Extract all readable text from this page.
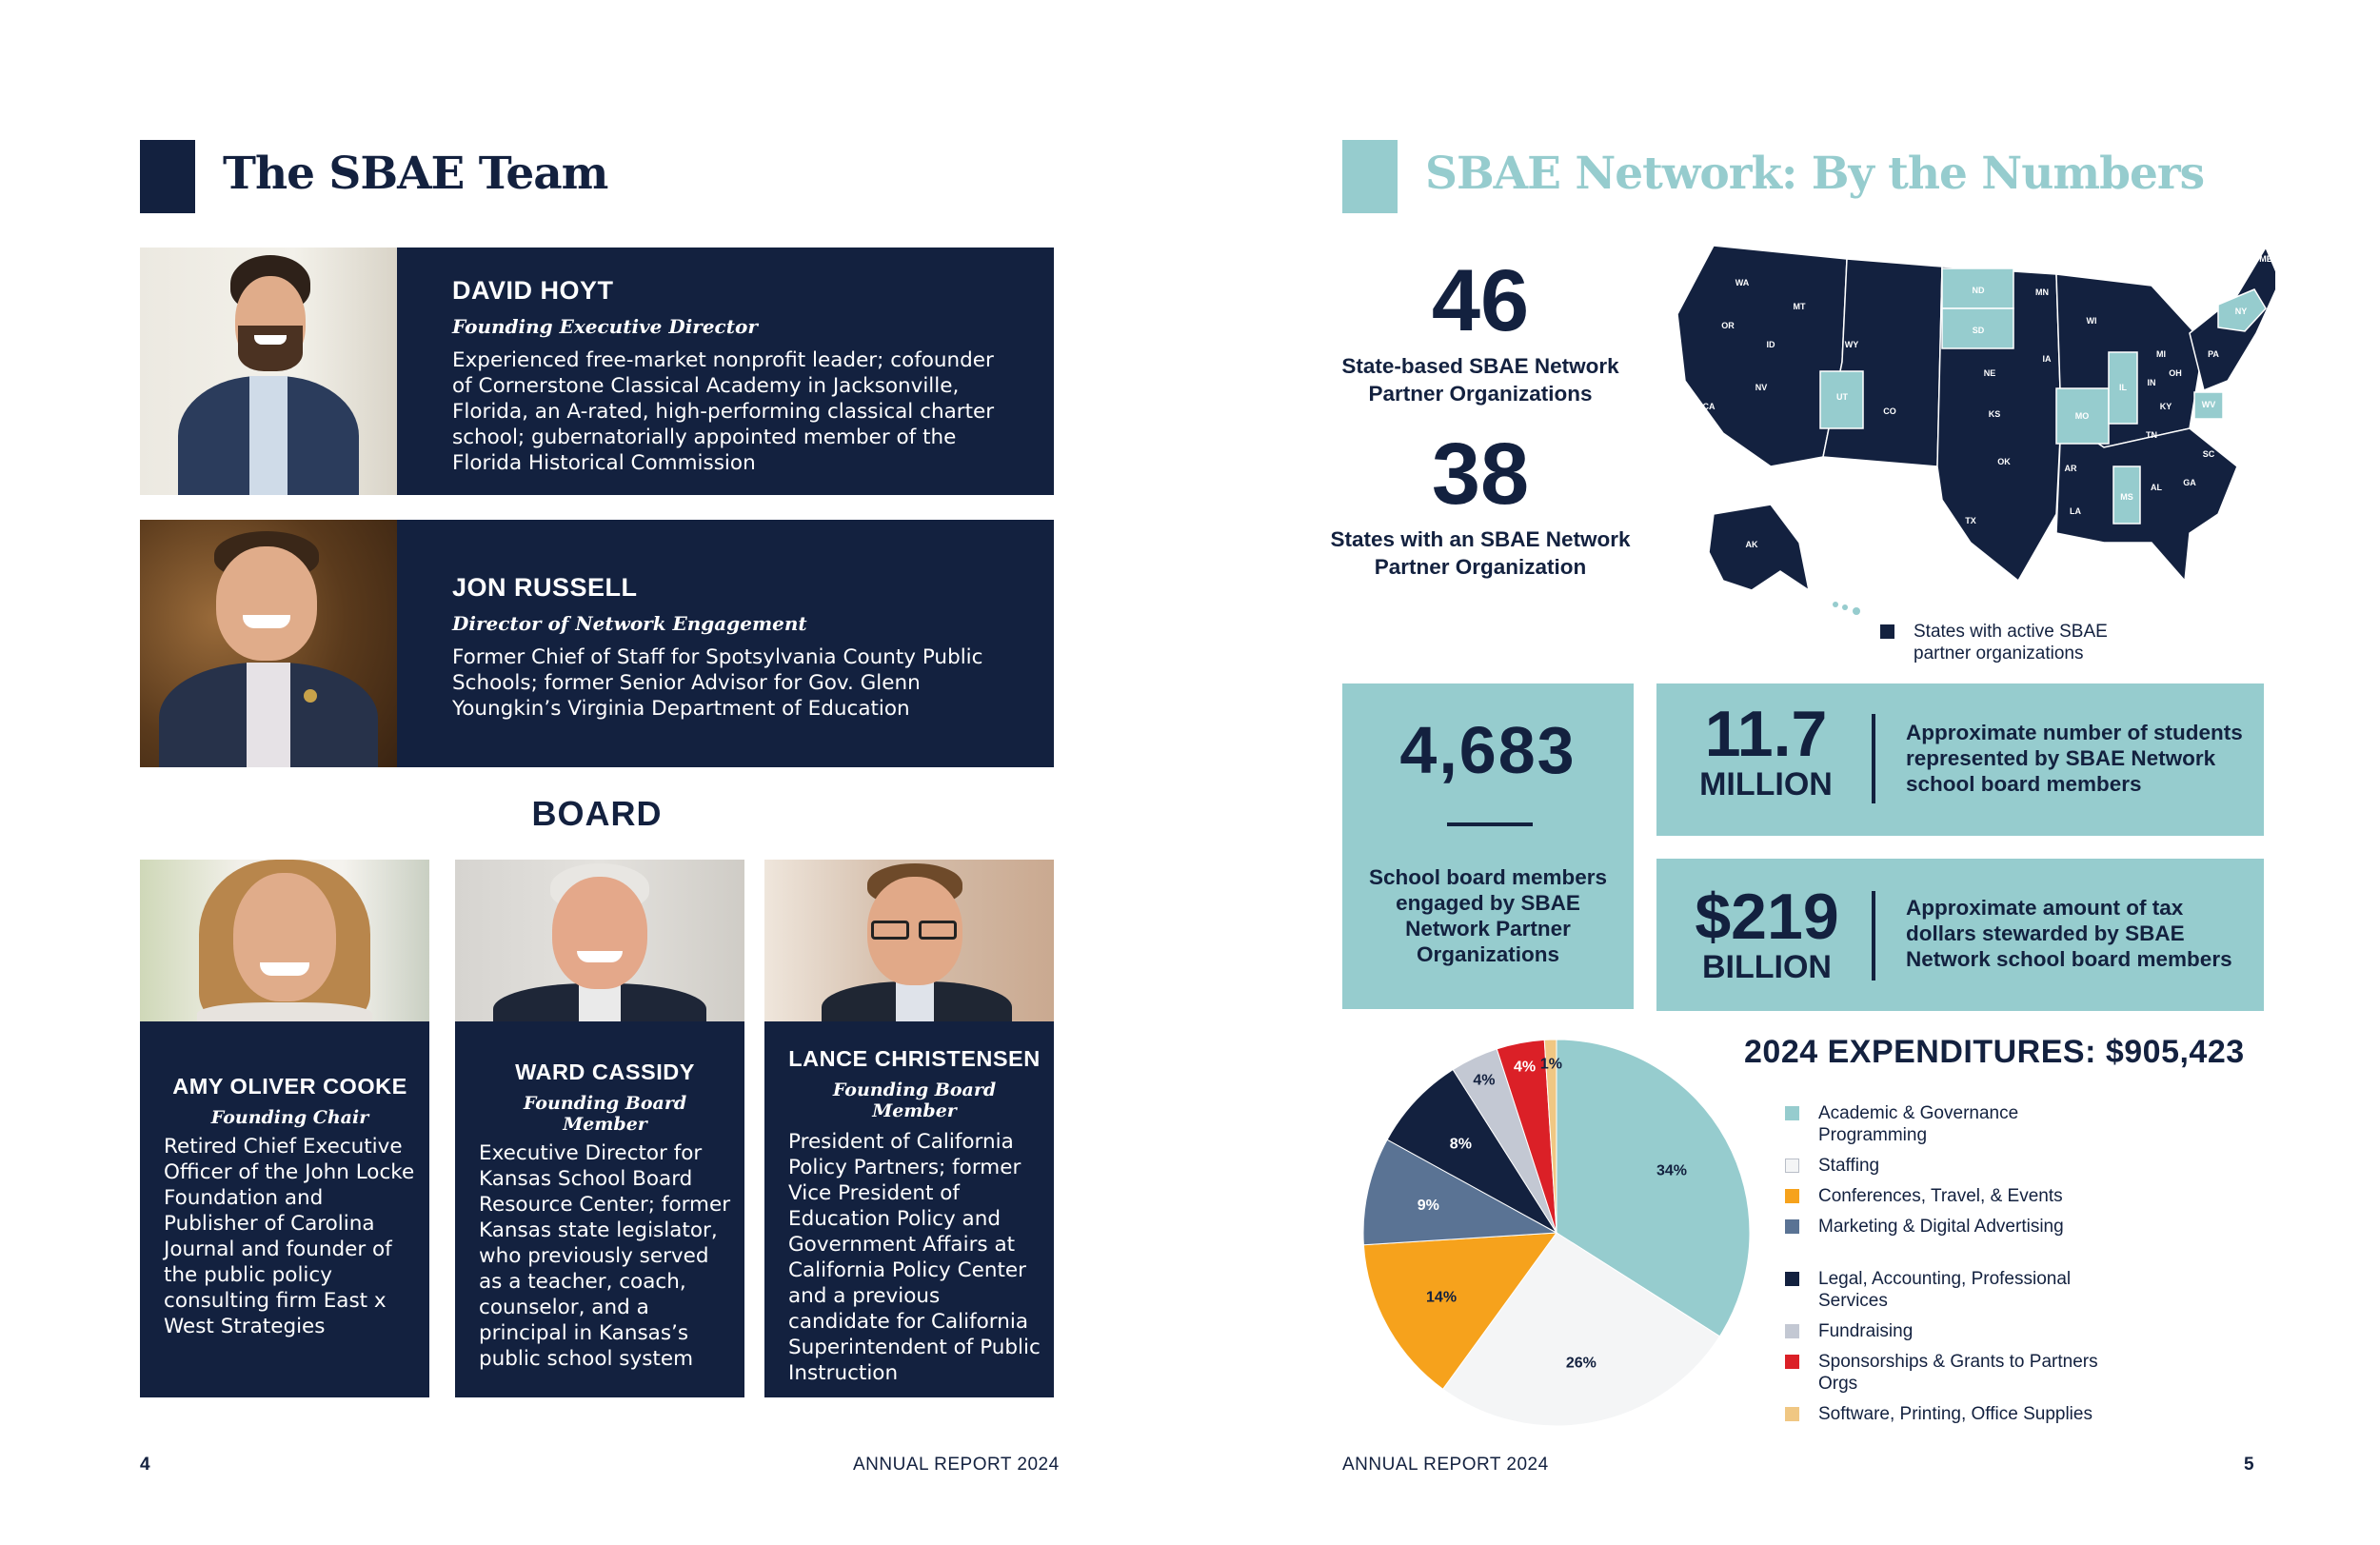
The SBAE Team
DAVID HOYT
Founding Executive Director
Experienced free-market nonprofit leader; cofounder of Cornerstone Classical Academy in Jacksonville, Florida, an A-rated, high-performing classical charter school; gubernatorially appointed member of the Florida Historical Commission
JON RUSSELL
Director of Network Engagement
Former Chief of Staff for Spotsylvania County Public Schools; former Senior Advisor for Gov. Glenn Youngkin’s Virginia Department of Education
BOARD
AMY OLIVER COOKE
Founding Chair
Retired Chief Executive Officer of the John Locke Foundation and Publisher of Carolina Journal and founder of the public policy consulting firm East x West Strategies
WARD CASSIDY
Founding Board Member
Executive Director for Kansas School Board Resource Center; former Kansas state legislator, who previously served as a teacher, coach, counselor, and a principal in Kansas’s public school system
LANCE CHRISTENSEN
Founding Board Member
President of California Policy Partners; former Vice President of Education Policy and Government Affairs at California Policy Center and a previous candidate for California Superintendent of Public Instruction
4	ANNUAL REPORT 2024
SBAE Network: By the Numbers
46
State-based SBAE Network Partner Organizations
38
States with an SBAE Network Partner Organization
WA
OR
ID
MT
NV
CA
UT
WY
CO
AZ NM
ND
SD
NE
KS
OK
TX
MN
IA
MO
WI
IL
MI
IN
OH
KY
TN
AR
LA
MS
AL GA
FL
SC
NC
WV
VA
PA
NY
ME
AK
States with active SBAE partner organizations
4,683
School board members engaged by SBAE Network Partner Organizations
11.7
MILLION
Approximate number of students represented by SBAE Network school board members
$219
BILLION
Approximate amount of tax dollars stewarded by SBAE Network school board members
34%
26%
14%
9%
8%
4%
4% 1%	2024 EXPENDITURES: $905,423
Academic & Governance Programming
Staffing
Conferences, Travel, & Events
Marketing & Digital Advertising
Legal, Accounting, Professional Services
Fundraising
Sponsorships & Grants to Partners Orgs
Software, Printing, Office Supplies
ANNUAL REPORT 2024	5
